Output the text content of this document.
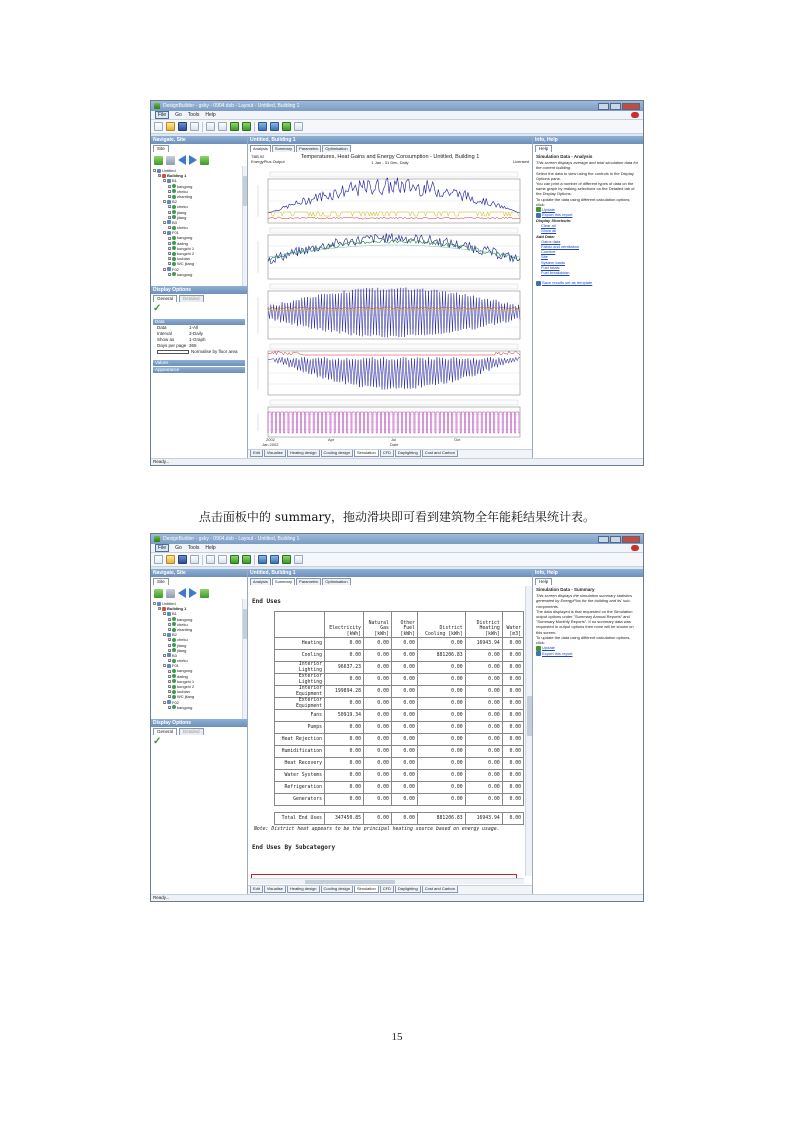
DesignBuilder - gsky - 0904.dsb - Layout - Untitled, Building 1
File	Go Tools Help
Navigate, Site
Site
− Untitled
− Building 1
− B1
+ kangong
+ cheku
+ zhanting
− B2
+ cheku
+ jilang
+ jilang
− B3
+ cheku
− F01
+ kangong
+ dating
+ kongzhi 1
+ kongzhi 2
+ loubian
+ WC jilang
− F02
+ kangong
Display Options
General Detailed
✓
Data
Data	1-All
Interval	3-Daily
Show as	1-Graph
Days per page 365
Normalise by floor area
Values
Appearance
Untitled, Building 1
Analysis	Summary	Parametric	Optimisation
TBB.92
EnergyPlus Output
Temperatures, Heat Gains and Energy Consumption - Untitled, Building 1
1 Jan - 31 Dec, Daily	Licensed
2002
Jan 2002
Apr	Jul	Oct
Date
Edit	Visualise	Heating design	Cooling design	Simulation	CFD	Daylighting	Cost and Carbon
Info, Help
Help
Simulation Data - Analysis
This screen displays average and total simulation data for the current building.
Select the data to view using the controls in the Display Options pane.
You can print a number of different types of data on the same graph by making selections on the Detailed tab of the Display Options.
To update the data using different calculation options, click:
Update
Export this report
Display Shortcuts:
Clear all
Show all
Add Data:
Gains data
Fabric and ventilation
Comfort
Site
System loads
Fuel totals
Fuel breakdown
Save results set as template
Ready...
点击面板中的 summary，拖动滑块即可看到建筑物全年能耗结果统计表。
DesignBuilder - gsky - 0904.dsb - Layout - Untitled, Building 1
File	Go Tools Help
Navigate, Site
Site
− Untitled
− Building 1
− B1
+ kangong
+ cheku
+ zhanting
− B2
+ cheku
+ jilang
+ jilang
− B3
+ cheku
− F01
+ kangong
+ dating
+ kongzhi 1
+ kongzhi 2
+ loubian
+ WC jilang
− F02
+ kangong
Display Options
General Detailed
✓
Untitled, Building 1
Analysis	Summary	Parametric	Optimisation
End Uses
	Electricity [kWh]	Natural Gas [kWh]	Other Fuel [kWh]	District Cooling [kWh]	District Heating [kWh]	Water [m3]
Heating	0.00	0.00	0.00	0.00	16943.94	0.00
Cooling	0.00	0.00	0.00	881206.83	0.00	0.00
Interior Lighting	96637.23	0.00	0.00	0.00	0.00	0.00
Exterior Lighting	0.00	0.00	0.00	0.00	0.00	0.00
Interior Equipment	199894.28	0.00	0.00	0.00	0.00	0.00
Exterior Equipment	0.00	0.00	0.00	0.00	0.00	0.00
Fans	50919.34	0.00	0.00	0.00	0.00	0.00
Pumps	0.00	0.00	0.00	0.00	0.00	0.00
Heat Rejection	0.00	0.00	0.00	0.00	0.00	0.00
Humidification	0.00	0.00	0.00	0.00	0.00	0.00
Heat Recovery	0.00	0.00	0.00	0.00	0.00	0.00
Water Systems	0.00	0.00	0.00	0.00	0.00	0.00
Refrigeration	0.00	0.00	0.00	0.00	0.00	0.00
Generators	0.00	0.00	0.00	0.00	0.00	0.00

Total End Uses	347450.85	0.00	0.00	881206.83	16943.94	0.00
Note: District heat appears to be the principal heating source based on energy usage.
End Uses By Subcategory
Edit	Visualise	Heating design	Cooling design	Simulation	CFD	Daylighting	Cost and Carbon
Info, Help
Help
Simulation Data - Summary
This screen displays the simulation summary statistics generated by EnergyPlus for the building and its' sub-components.
The data displayed is that requested on the Simulation output options under "Summary Annual Reports" and "Summary Monthly Reports". If no summary data was requested in output options then none will be shown on this screen.
To update the data using different calculation options, click:
Update
Export this report
Ready...
15
